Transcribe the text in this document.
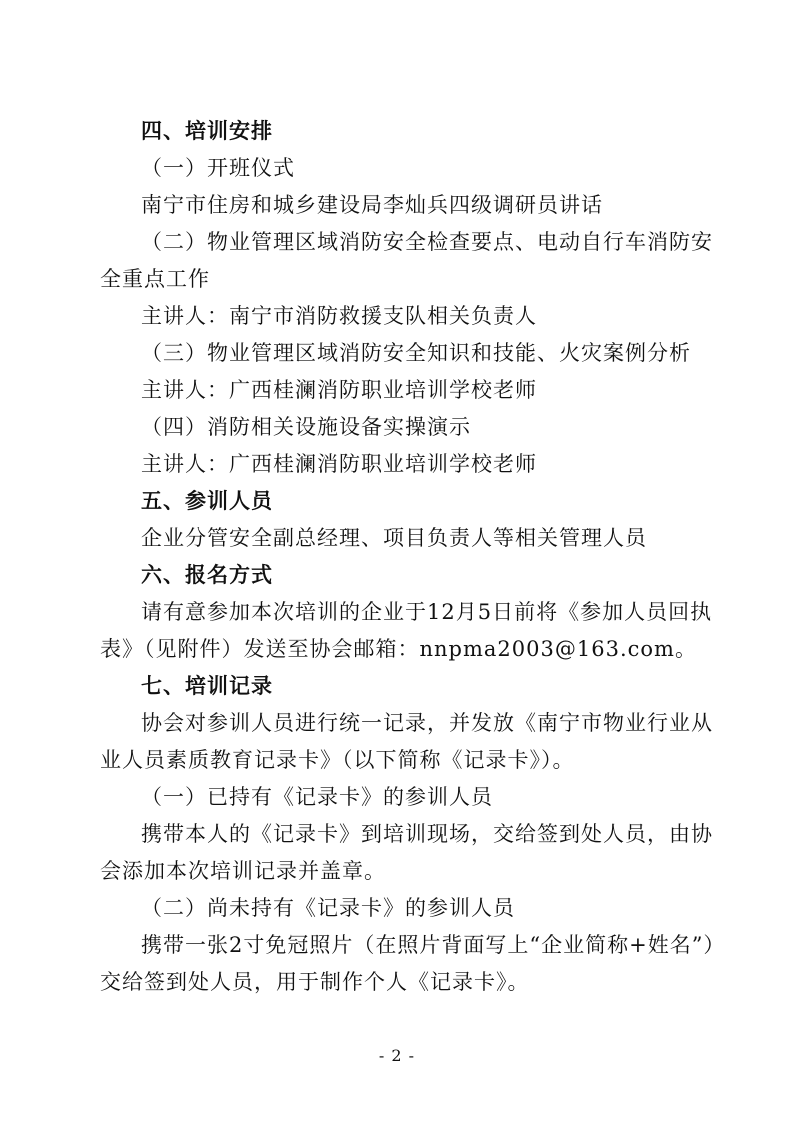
四、培训安排
（一）开班仪式
南宁市住房和城乡建设局李灿兵四级调研员讲话
（二）物业管理区域消防安全检查要点、电动自行车消防安
全重点工作
主讲人：南宁市消防救援支队相关负责人
（三）物业管理区域消防安全知识和技能、火灾案例分析
主讲人：广西桂澜消防职业培训学校老师
（四）消防相关设施设备实操演示
主讲人：广西桂澜消防职业培训学校老师
五、参训人员
企业分管安全副总经理、项目负责人等相关管理人员
六、报名方式
请有意参加本次培训的企业于12月5日前将《参加人员回执
表》（见附件）发送至协会邮箱：nnpma2003@163.com。
七、培训记录
协会对参训人员进行统一记录，并发放《南宁市物业行业从
业人员素质教育记录卡》（以下简称《记录卡》）。
（一）已持有《记录卡》的参训人员
携带本人的《记录卡》到培训现场，交给签到处人员，由协
会添加本次培训记录并盖章。
（二）尚未持有《记录卡》的参训人员
携带一张2寸免冠照片（在照片背面写上“企业简称+姓名”）
交给签到处人员，用于制作个人《记录卡》。
- 2 -
